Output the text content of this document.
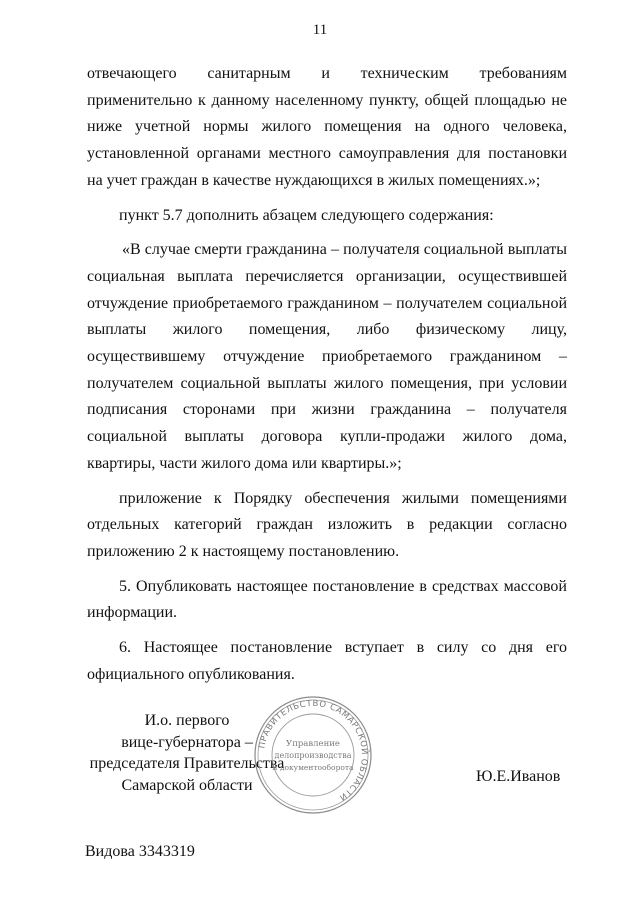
11

отвечающего санитарным и техническим требованиям применительно к данному населенному пункту, общей площадью не ниже учетной нормы жилого помещения на одного человека, установленной органами местного самоуправления для постановки на учет граждан в качестве нуждающихся в жилых помещениях.»;

пункт 5.7 дополнить абзацем следующего содержания:

«В случае смерти гражданина – получателя социальной выплаты социальная выплата перечисляется организации, осуществившей отчуждение приобретаемого гражданином – получателем социальной выплаты жилого помещения, либо физическому лицу, осуществившему отчуждение приобретаемого гражданином – получателем социальной выплаты жилого помещения, при условии подписания сторонами при жизни гражданина – получателя социальной выплаты договора купли-продажи жилого дома, квартиры, части жилого дома или квартиры.»;

приложение к Порядку обеспечения жилыми помещениями отдельных категорий граждан изложить в редакции согласно приложению 2 к настоящему постановлению.

5. Опубликовать настоящее постановление в средствах массовой информации.

6. Настоящее постановление вступает в силу со дня его официального опубликования.

И.о. первого
вице-губернатора –
председателя Правительства
Самарской области
ПРАВИТЕЛЬСТВО САМАРСКОЙ ОБЛАСТИ
Управление
делопроизводства
и документооборота
Ю.Е.Иванов
Видова 3343319
